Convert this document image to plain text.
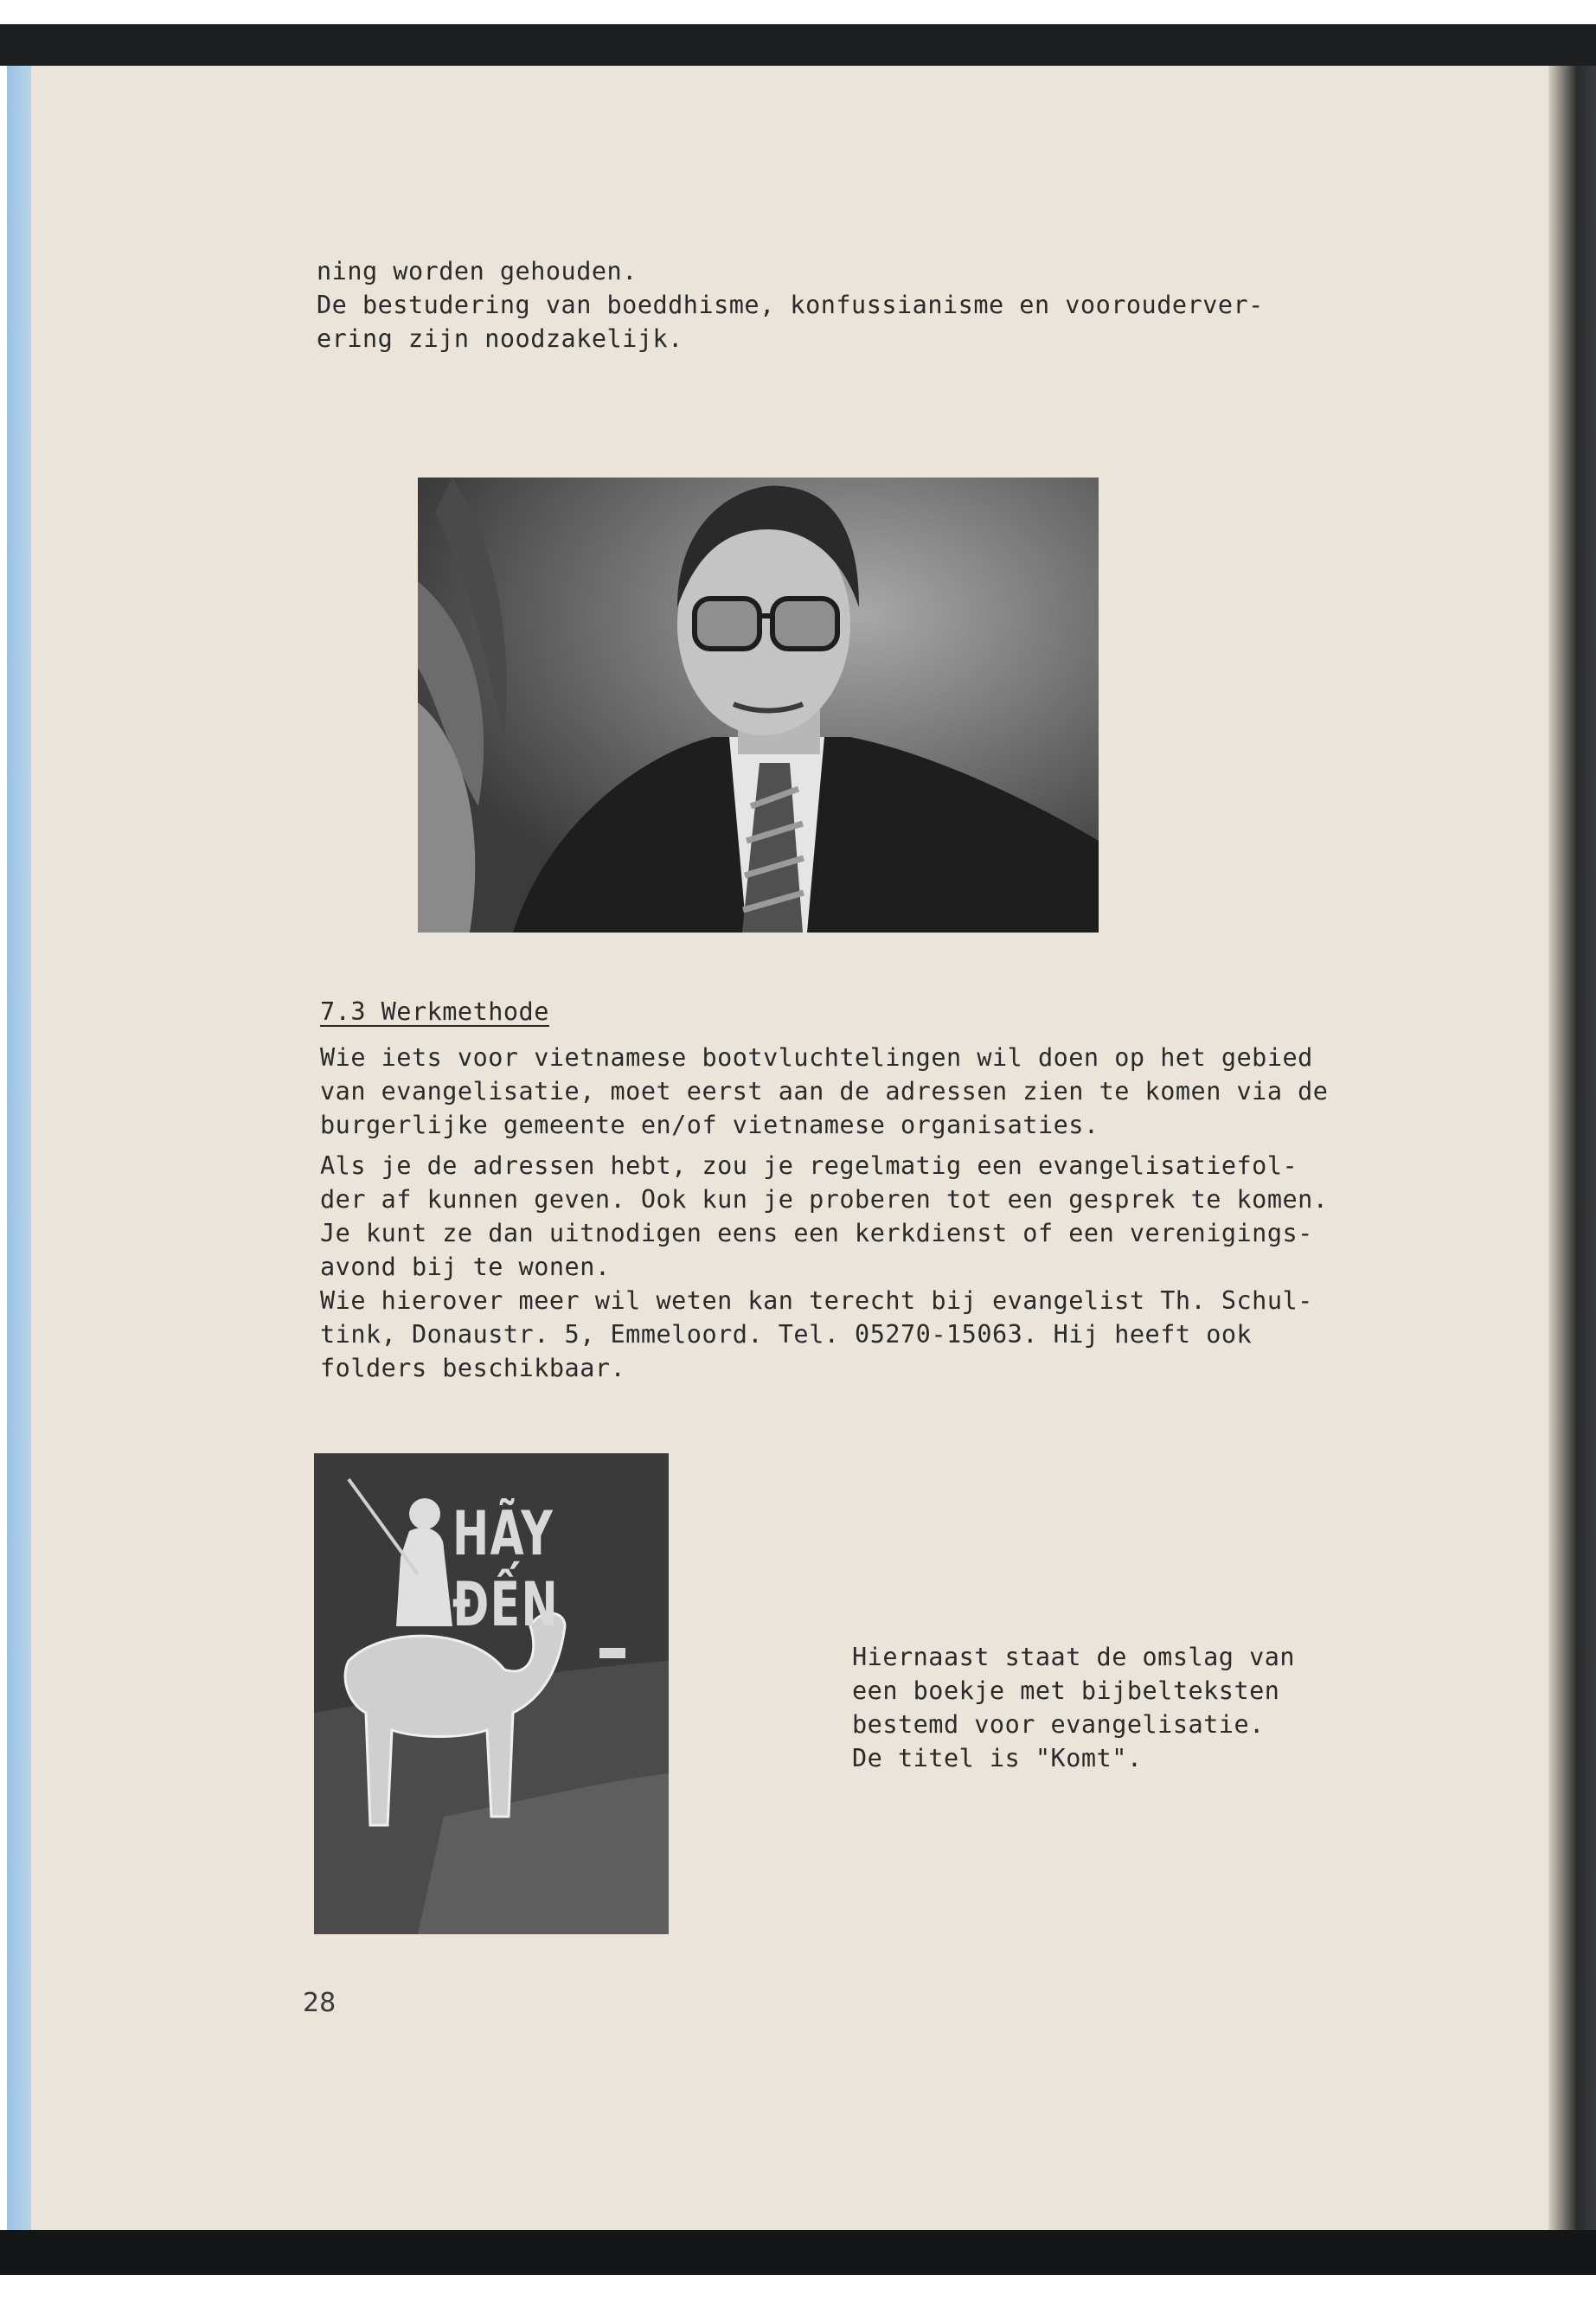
ning worden gehouden.
De bestudering van boeddhisme, konfussianisme en voorouderver-
ering zijn noodzakelijk.
7.3 Werkmethode
Wie iets voor vietnamese bootvluchtelingen wil doen op het gebied
van evangelisatie, moet eerst aan de adressen zien te komen via de
burgerlijke gemeente en/of vietnamese organisaties.
Als je de adressen hebt, zou je regelmatig een evangelisatiefol-
der af kunnen geven. Ook kun je proberen tot een gesprek te komen.
Je kunt ze dan uitnodigen eens een kerkdienst of een verenigings-
avond bij te wonen.
Wie hierover meer wil weten kan terecht bij evangelist Th. Schul-
tink, Donaustr. 5, Emmeloord. Tel. 05270-15063. Hij heeft ook
folders beschikbaar.
HÃY ĐẾN
Hiernaast staat de omslag van
een boekje met bijbelteksten
bestemd voor evangelisatie.
De titel is "Komt".
28
